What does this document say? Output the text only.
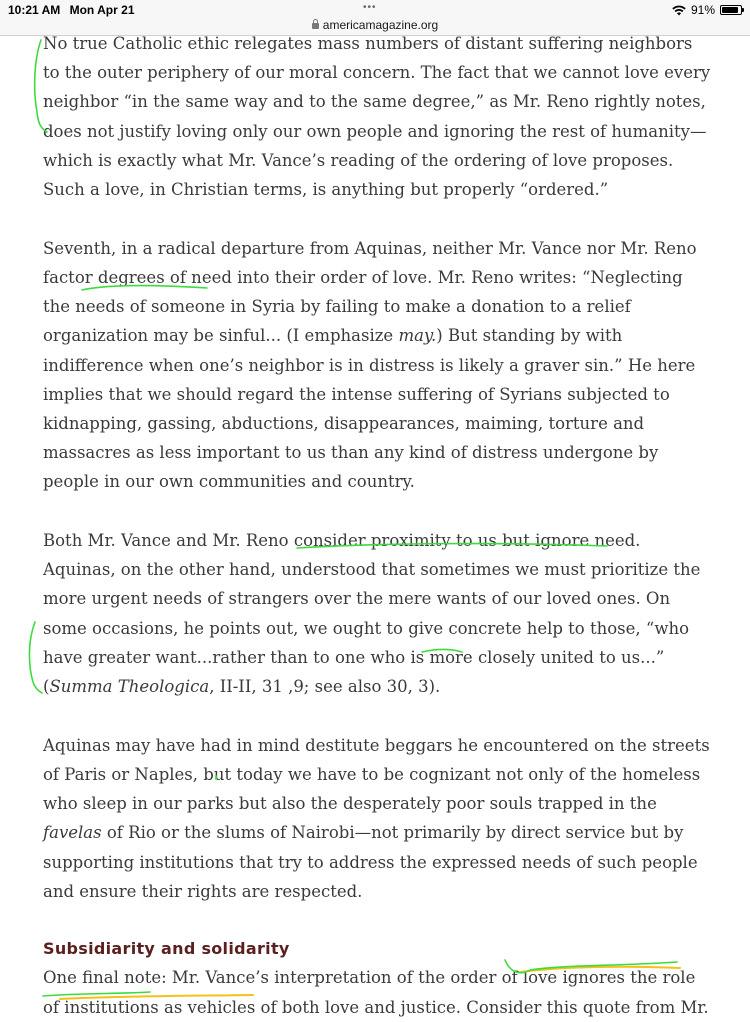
10:21 AM Mon Apr 21	•••	91%
americamagazine.org

No true Catholic ethic relegates mass numbers of distant suffering neighbors to the outer periphery of our moral concern. The fact that we cannot love every neighbor “in the same way and to the same degree,” as Mr. Reno rightly notes, does not justify loving only our own people and ignoring the rest of humanity—which is exactly what Mr. Vance’s reading of the ordering of love proposes. Such a love, in Christian terms, is anything but properly “ordered.”

Seventh, in a radical departure from Aquinas, neither Mr. Vance nor Mr. Reno factor degrees of need into their order of love. Mr. Reno writes: “Neglecting the needs of someone in Syria by failing to make a donation to a relief organization may be sinful... (I emphasize may.) But standing by with indifference when one’s neighbor is in distress is likely a graver sin.” He here implies that we should regard the intense suffering of Syrians subjected to kidnapping, gassing, abductions, disappearances, maiming, torture and massacres as less important to us than any kind of distress undergone by people in our own communities and country.

Both Mr. Vance and Mr. Reno consider proximity to us but ignore need. Aquinas, on the other hand, understood that sometimes we must prioritize the more urgent needs of strangers over the mere wants of our loved ones. On some occasions, he points out, we ought to give concrete help to those, “who have greater want...rather than to one who is more closely united to us...” (Summa Theologica, II-II, 31 ,9; see also 30, 3).

Aquinas may have had in mind destitute beggars he encountered on the streets of Paris or Naples, but today we have to be cognizant not only of the homeless who sleep in our parks but also the desperately poor souls trapped in the favelas of Rio or the slums of Nairobi—not primarily by direct service but by supporting institutions that try to address the expressed needs of such people and ensure their rights are respected.

Subsidiarity and solidarity

One final note: Mr. Vance’s interpretation of the order of love ignores the role of institutions as vehicles of both love and justice. Consider this quote from Mr.
